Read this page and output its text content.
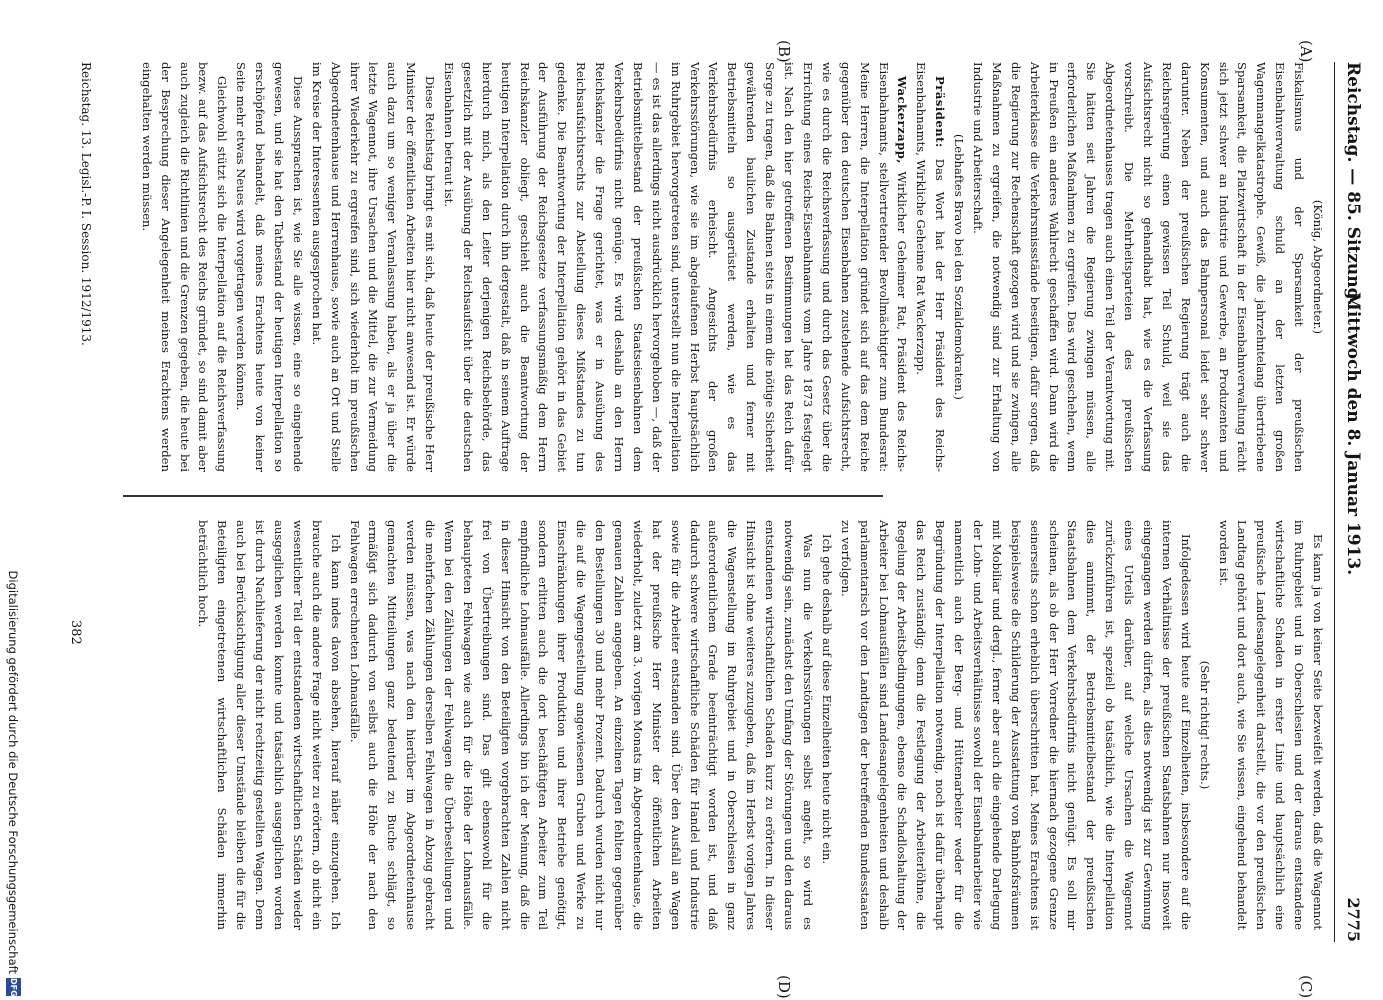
Reichstag. — 85. Sitzung.
Mittwoch den 8. Januar 1913.
2775
(A)
(B)
(C)
(D)

(König, Abgeordneter.)

Fiskalismus und der Sparsamkeit der preußischen Eisenbahnverwaltung schuld an der letzten großen Wagenmangelkatastrophe. Gewiß, die jahrzehntelang übertriebene Sparsamkeit, die Platzwirtschaft in der Eisenbahnverwaltung rächt sich jetzt schwer an Industrie und Gewerbe, an Produzenten und Konsumenten, und auch das Bahnpersonal leidet sehr schwer darunter. Neben der preußischen Regierung trägt auch die Reichsregierung einen gewissen Teil Schuld, weil sie das Aufsichtsrecht nicht so gehandhabt hat, wie es die Verfassung vorschreibt. Die Mehrheitsparteien des preußischen Abgeordnetenhauses tragen auch einen Teil der Verantwortung mit. Sie hätten seit Jahren die Regierung zwingen müssen, alle erforderlichen Maßnahmen zu ergreifen. Das wird geschehen, wenn in Preußen ein anderes Wahlrecht geschaffen wird. Dann wird die Arbeiterklasse die Verkehrsmissstände beseitigen, dafür sorgen, daß die Regierung zur Rechenschaft gezogen wird und sie zwingen, alle Maßnahmen zu ergreifen, die notwendig sind zur Erhaltung von Industrie und Arbeiterschaft.

(Lebhaftes Bravo bei den Sozialdemokraten.)

Präsident: Das Wort hat der Herr Präsident des Reichs-Eisenbahnamts, Wirkliche Geheime Rat Wackerzapp.

Wackerzapp, Wirklicher Geheimer Rat, Präsident des Reichs-Eisenbahnamts, stellvertretender Bevollmächtigter zum Bundesrat: Meine Herren, die Interpellation gründet sich auf das dem Reiche gegenüber den deutschen Eisenbahnen zustehende Aufsichtsrecht, wie es durch die Reichsverfassung und durch das Gesetz über die Errichtung eines Reichs-Eisenbahnamts vom Jahre 1873 festgelegt ist. Nach den hier getroffenen Bestimmungen hat das Reich dafür Sorge zu tragen, daß die Bahnen stets in einem die nötige Sicherheit gewährenden baulichen Zustande erhalten und ferner mit Betriebsmitteln so ausgerüstet werden, wie es das Verkehrsbedürfnis erheischt. Angesichts der großen Verkehrsstörungen, wie sie im abgelaufenen Herbst hauptsächlich im Ruhrgebiet hervorgetreten sind, unterstellt nun die Interpellation — es ist das allerdings nicht ausdrücklich hervorgehoben —, daß der Betriebsmittelbestand der preußischen Staatseisenbahnen dem Verkehrsbedürfnis nicht genüge. Es wird deshalb an den Herrn Reichskanzler die Frage gerichtet, was er in Ausübung des Reichsaufsichtsrechts zur Abstellung dieses Mißstandes zu tun gedenke. Die Beantwortung der Interpellation gehört in das Gebiet der Ausführung der Reichsgesetze verfassungsmäßig dem Herrn Reichskanzler obliegt, geschieht auch die Beantwortung der heutigen Interpellation durch ihn dergestalt, daß in seinem Auftrage hierdurch mich, als den Leiter derjenigen Reichsbehörde, das gesetzlich mit der Ausübung der Reichsaufsicht über die deutschen Eisenbahnen betraut ist.

Diese Reichstag bringt es mit sich, daß heute der preußische Herr Minister der öffentlichen Arbeiten hier nicht anwesend ist. Er würde auch dazu um so weniger Veranlassung haben, als er ja über die letzte Wagennot, ihre Ursachen und die Mittel, die zur Vermeidung ihrer Wiederkehr zu ergreifen sind, sich wiederholt im preußischen Abgeordnetenhause und Herrenhause, sowie auch an Ort und Stelle im Kreise der Interessenten ausgesprochen hat.

Diese Aussprachen ist, wie Sie alle wissen, eine so eingehende gewesen, und sie hat den Tatbestand der heutigen Interpellation so erschöpfend behandelt, daß meines Erachtens heute von keiner Seite mehr etwas Neues wird vorgetragen werden können.

Gleichwohl stützt sich die Interpellation auf die Reichsverfassung bezw. auf das Aufsichtsrecht des Reichs gründet, so sind damit aber auch zugleich die Richtlinien und die Grenzen gegeben, die heute bei der Besprechung dieser Angelegenheit meines Erachtens werden eingehalten werden müssen.

Es kann ja von keiner Seite bezweifelt werden, daß die Wagennot im Ruhrgebiet und in Oberschlesien und der daraus entstandene wirtschaftliche Schaden in erster Linie und hauptsächlich eine preußische Landesangelegenheit darstellt, die vor den preußischen Landtag gehört und dort auch, wie Sie wissen, eingehend behandelt worden ist.

(Sehr richtig! rechts.)

Infolgedessen wird heute auf Einzelheiten, insbesondere auf die internen Verhältnisse der preußischen Staatsbahnen nur insoweit eingegangen werden dürfen, als dies notwendig ist zur Gewinnung eines Urteils darüber, auf welche Ursachen die Wagennot zurückzuführen ist, speziell ob tatsächlich, wie die Interpellation dies annimmt, der Betriebsmittelbestand der preußischen Staatsbahnen dem Verkehrsbedürfnis nicht genügt. Es soll mir scheinen, als ob der Herr Vorredner die hiernach gezogene Grenze seinerseits schon erheblich überschritten hat. Meines Erachtens ist beispielsweise die Schilderung der Ausstattung von Bahnhofsräumen mit Mobiliar und dergl., ferner aber auch die eingehende Darlegung der Lohn- und Arbeitsverhältnisse sowohl der Eisenbahnarbeiter wie namentlich auch der Berg- und Hüttenarbeiter weder für die Begründung der Interpellation notwendig, noch ist dafür überhaupt das Reich zuständig; denn die Festlegung der Arbeiterlöhne, die Regelung der Arbeitsbedingungen, ebenso die Schadloshaltung der Arbeiter bei Lohnausfällen sind Landesangelegenheiten und deshalb parlamentarisch vor den Landtagen der betreffenden Bundesstaaten zu verfolgen.

Ich gehe deshalb auf diese Einzelheiten heute nicht ein.

Was nun die Verkehrsstörungen selbst angeht, so wird es notwendig sein, zunächst den Umfang der Störungen und den daraus entstandenen wirtschaftlichen Schaden kurz zu erörtern. In dieser Hinsicht ist ohne weiteres zuzugeben, daß im Herbst vorigen Jahres die Wagenstellung im Ruhrgebiet und in Oberschlesien in ganz außerordentlichem Grade beeinträchtigt worden ist, und daß dadurch schwere wirtschaftliche Schäden für Handel und Industrie sowie für die Arbeiter entstanden sind. Über den Ausfall an Wagen hat der preußische Herr Minister der öffentlichen Arbeiten wiederholt, zuletzt am 3. vorigen Monats im Abgeordnetenhause, die genauen Zahlen angegeben. An einzelnen Tagen fehlten gegenüber den Bestellungen 30 und mehr Prozent. Dadurch wurden nicht nur die auf die Wagengestellung angewiesenen Gruben und Werke zu Einschränkungen ihrer Produktion und ihrer Betriebe genötigt, sondern erlitten auch die dort beschäftigten Arbeiter zum Teil empfindliche Lohnausfälle. Allerdings bin ich der Meinung, daß die in dieser Hinsicht von den Beteiligten vorgebrachten Zahlen nicht frei von Übertreibungen sind. Das gilt ebensowohl für die behaupteten Fehlwagen wie auch für die Höhe der Lohnausfälle. Wenn bei den Zählungen der Fehlwagen die Überbestellungen und die mehrfachen Zählungen derselben Fehlwagen in Abzug gebracht werden müssen, was nach den hierüber im Abgeordnetenhause gemachten Mitteilungen ganz bedeutend zu Buche schlägt, so ermäßigt sich dadurch von selbst auch die Höhe der nach den Fehlwagen errechneten Lohnausfälle.

Ich kann indes davon absehen, hierauf näher einzugehen. Ich brauche auch die andere Frage nicht weiter zu erörtern, ob nicht ein wesentlicher Teil der entstandenen wirtschaftlichen Schäden wieder ausgeglichen werden konnte und tatsächlich ausgeglichen worden ist durch Nachlieferung der nicht rechtzeitig gestellten Wagen. Denn auch bei Berücksichtigung aller dieser Umstände bleiben die für die Beteiligten eingetretenen wirtschaftlichen Schäden immerhin beträchtlich hoch.

Reichstag. 13. Legisl.-P. I. Session. 1912/1913.
382
Digitalisierung gefördert durch die Deutsche Forschungsgemeinschaft
DFG
